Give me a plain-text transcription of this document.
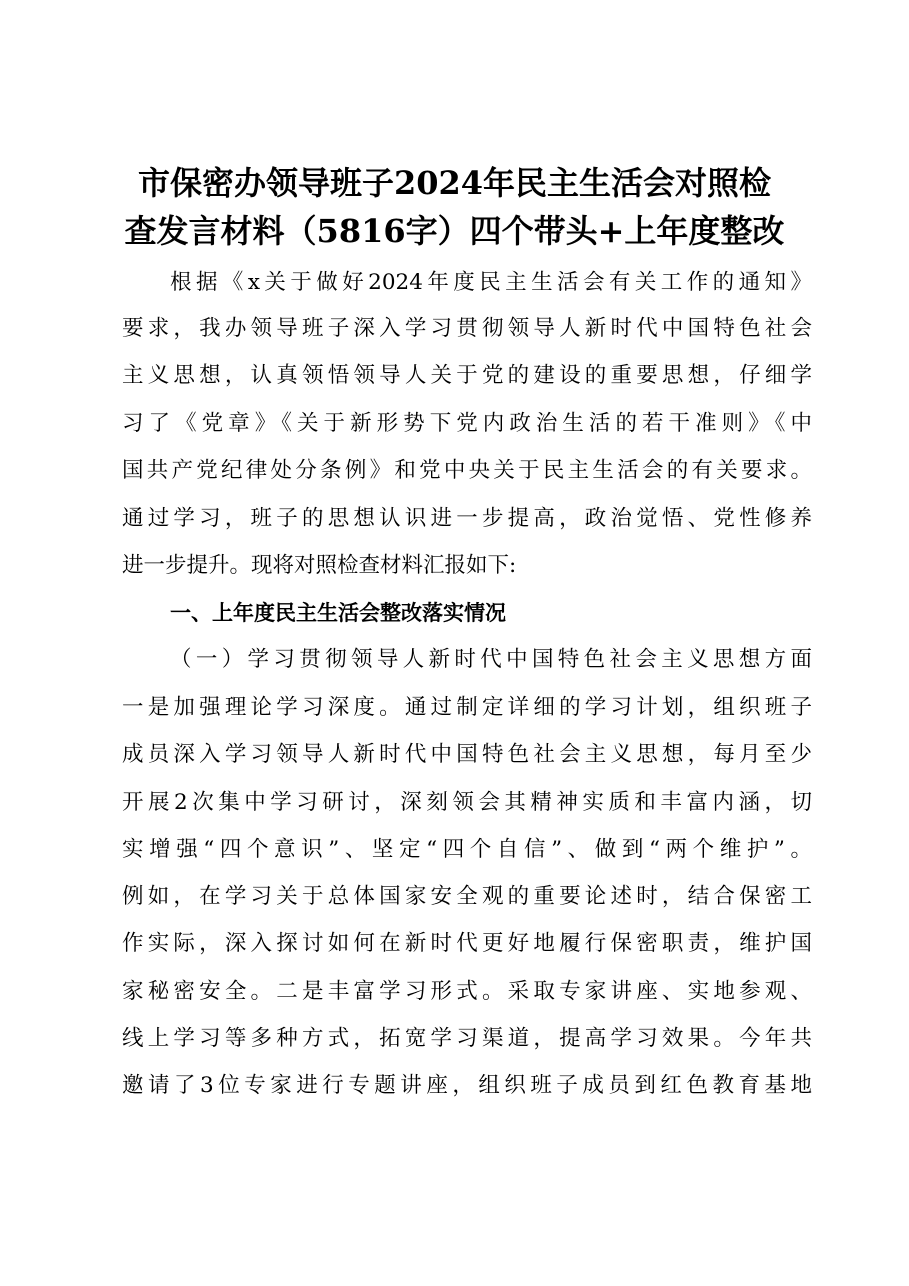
市保密办领导班子2024年民主生活会对照检
查发言材料（5816字）四个带头+上年度整改
根据《x关于做好2024年度民主生活会有关工作的通知》
要求，我办领导班子深入学习贯彻领导人新时代中国特色社会
主义思想，认真领悟领导人关于党的建设的重要思想，仔细学
习了《党章》《关于新形势下党内政治生活的若干准则》《中
国共产党纪律处分条例》和党中央关于民主生活会的有关要求。
通过学习，班子的思想认识进一步提高，政治觉悟、党性修养
进一步提升。现将对照检查材料汇报如下:
一、上年度民主生活会整改落实情况
（一）学习贯彻领导人新时代中国特色社会主义思想方面
一是加强理论学习深度。通过制定详细的学习计划，组织班子
成员深入学习领导人新时代中国特色社会主义思想，每月至少
开展2次集中学习研讨，深刻领会其精神实质和丰富内涵，切
实增强“四个意识”、坚定“四个自信”、做到“两个维护”。
例如，在学习关于总体国家安全观的重要论述时，结合保密工
作实际，深入探讨如何在新时代更好地履行保密职责，维护国
家秘密安全。二是丰富学习形式。采取专家讲座、实地参观、
线上学习等多种方式，拓宽学习渠道，提高学习效果。今年共
邀请了3位专家进行专题讲座，组织班子成员到红色教育基地
